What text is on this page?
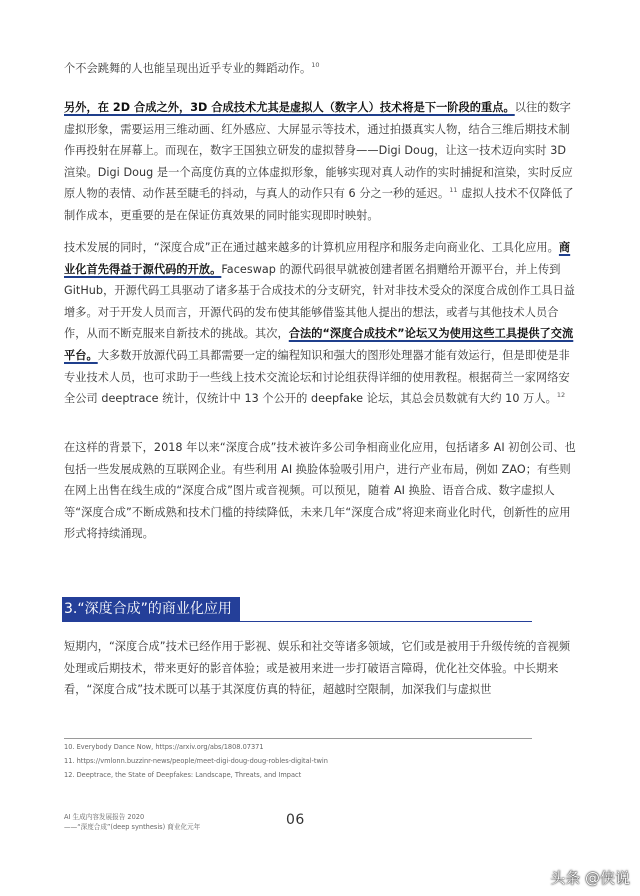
个不会跳舞的人也能呈现出近乎专业的舞蹈动作。$^{10}$

另外，在 2D 合成之外，3D 合成技术尤其是虚拟人（数字人）技术将是下一阶段的重点。以往的数字虚拟形象，需要运用三维动画、红外感应、大屏显示等技术，通过拍摄真实人物，结合三维后期技术制作再投射在屏幕上。而现在，数字王国独立研发的虚拟替身——Digi Doug，让这一技术迈向实时 3D 渲染。Digi Doug 是一个高度仿真的立体虚拟形象，能够实现对真人动作的实时捕捉和渲染，实时反应原人物的表情、动作甚至睫毛的抖动，与真人的动作只有 6 分之一秒的延迟。$^{11}$ 虚拟人技术不仅降低了制作成本，更重要的是在保证仿真效果的同时能实现即时映射。

技术发展的同时，“深度合成”正在通过越来越多的计算机应用程序和服务走向商业化、工具化应用。商业化首先得益于源代码的开放。Faceswap 的源代码很早就被创建者匿名捐赠给开源平台，并上传到 GitHub，开源代码工具驱动了诸多基于合成技术的分支研究，针对非技术受众的深度合成创作工具日益增多。对于开发人员而言，开源代码的发布使其能够借鉴其他人提出的想法，或者与其他技术人员合作，从而不断克服来自新技术的挑战。其次，合法的“深度合成技术”论坛又为使用这些工具提供了交流平台。大多数开放源代码工具都需要一定的编程知识和强大的图形处理器才能有效运行，但是即使是非专业技术人员，也可求助于一些线上技术交流论坛和讨论组获得详细的使用教程。根据荷兰一家网络安全公司 deeptrace 统计，仅统计中 13 个公开的 deepfake 论坛，其总会员数就有大约 10 万人。$^{12}$

在这样的背景下，2018 年以来“深度合成”技术被许多公司争相商业化应用，包括诸多 AI 初创公司、也包括一些发展成熟的互联网企业。有些利用 AI 换脸体验吸引用户，进行产业布局，例如 ZAO；有些则在网上出售在线生成的“深度合成”图片或音视频。可以预见，随着 AI 换脸、语音合成、数字虚拟人等“深度合成”不断成熟和技术门槛的持续降低，未来几年“深度合成”将迎来商业化时代，创新性的应用形式将持续涌现。

3.“深度合成”的商业化应用

短期内，“深度合成”技术已经作用于影视、娱乐和社交等诸多领域，它们或是被用于升级传统的音视频处理或后期技术，带来更好的影音体验；或是被用来进一步打破语言障碍，优化社交体验。中长期来看，“深度合成”技术既可以基于其深度仿真的特征，超越时空限制，加深我们与虚拟世

10. Everybody Dance Now, https://arxiv.org/abs/1808.07371
11. https://vmlonn.buzzinr-news/people/meet-digi-doug-doug-robles-digital-twin
12. Deeptrace, the State of Deepfakes: Landscape, Threats, and Impact
AI 生成内容发展报告 2020
——“深度合成”(deep synthesis) 商业化元年	06
头条 @侠说
